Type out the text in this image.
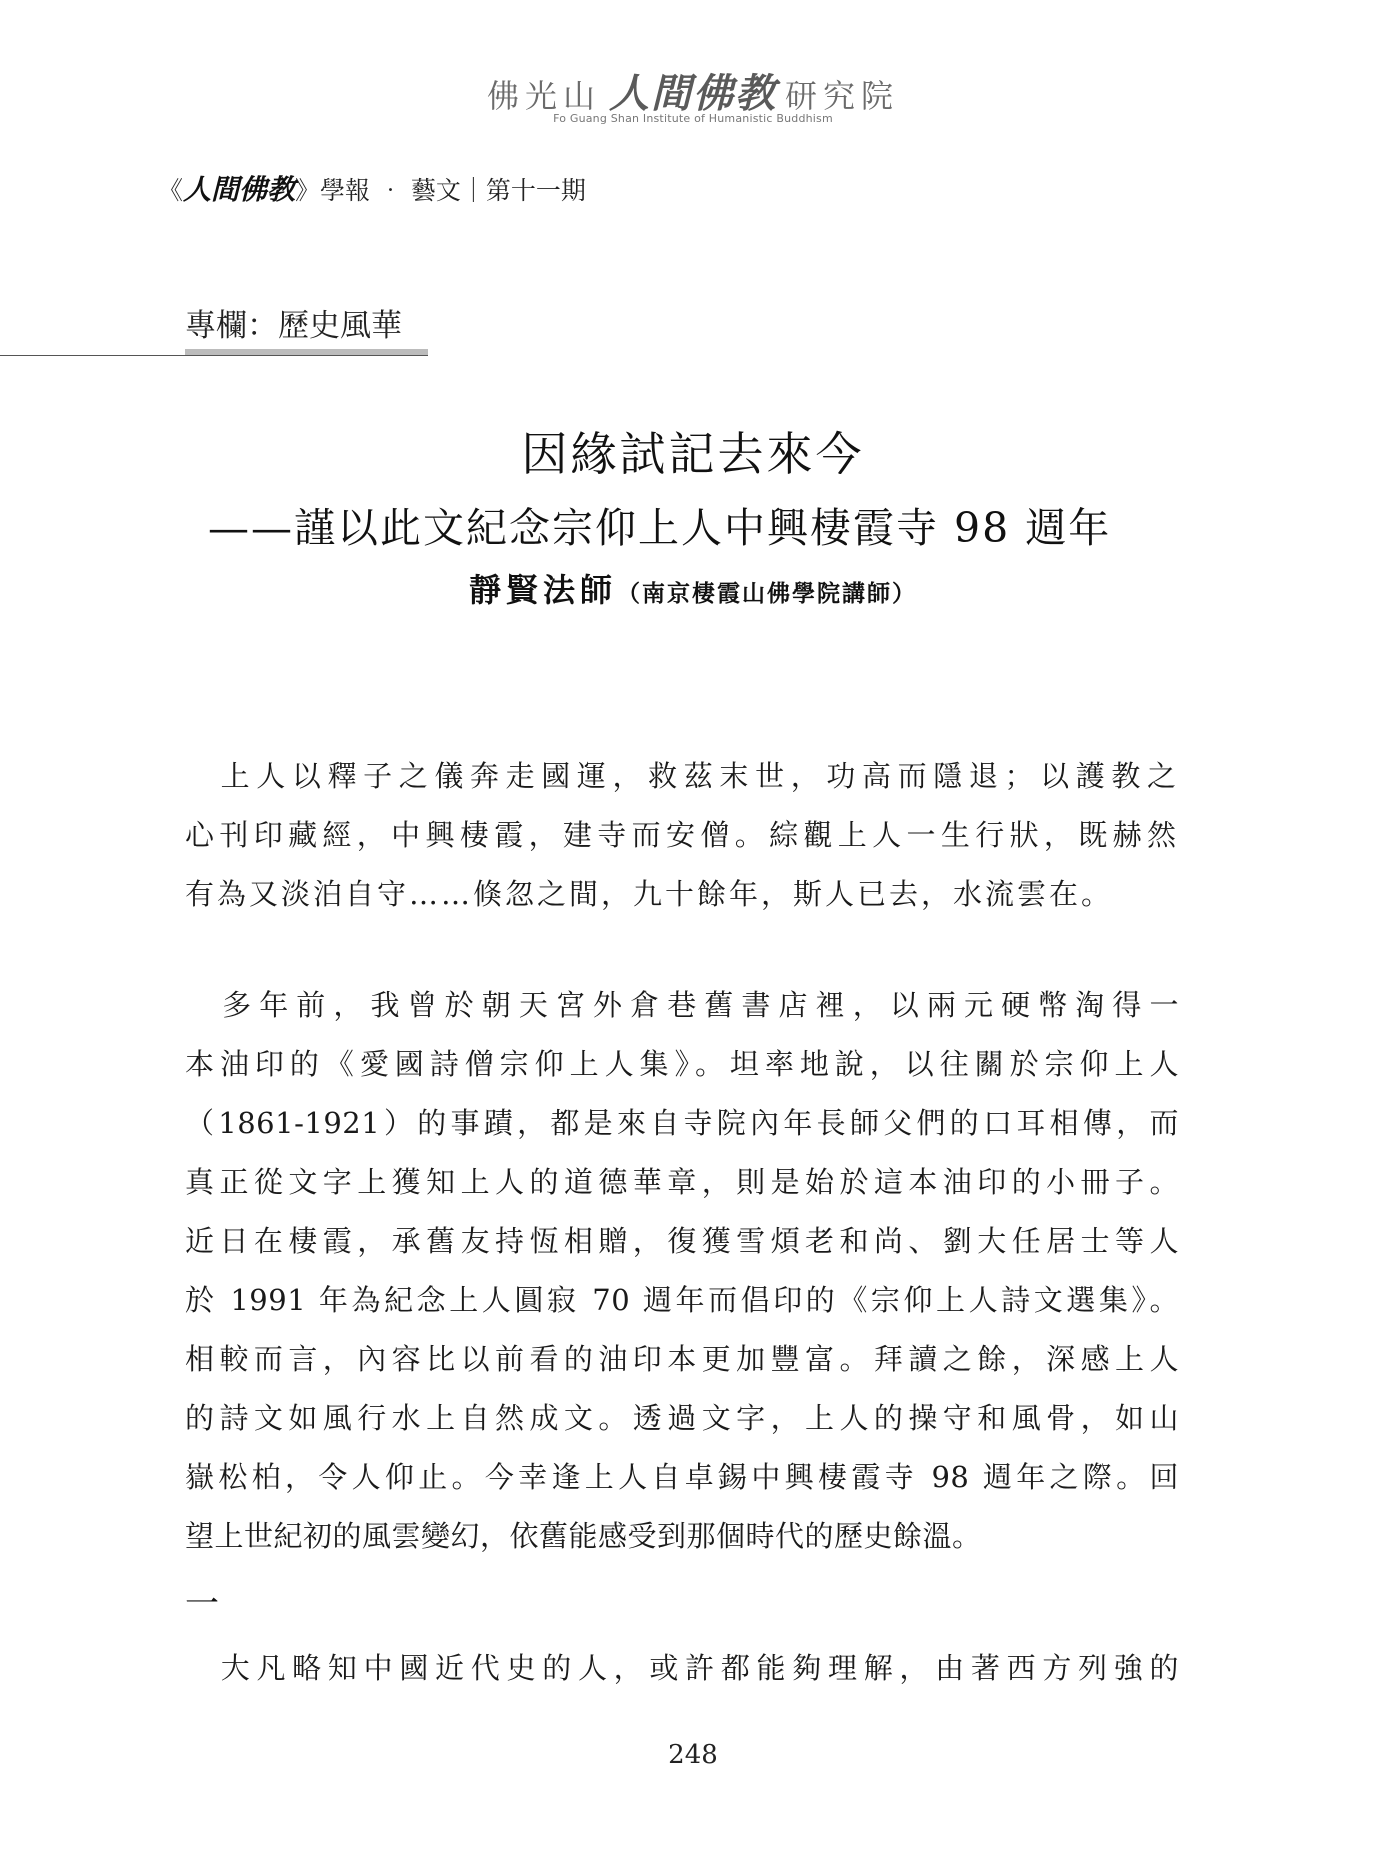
佛光山 人間佛教 研究院
Fo Guang Shan Institute of Humanistic Buddhism
《人間佛教》學報 ‧ 藝文｜第十一期
專欄：歷史風華
因緣試記去來今
——謹以此文紀念宗仰上人中興棲霞寺 98 週年
靜賢法師（南京棲霞山佛學院講師）
　上人以釋子之儀奔走國運，救茲末世，功高而隱退；以護教之
心刊印藏經，中興棲霞，建寺而安僧。綜觀上人一生行狀，既赫然
有為又淡泊自守……倏忽之間，九十餘年，斯人已去，水流雲在。
　多年前，我曾於朝天宮外倉巷舊書店裡，以兩元硬幣淘得一
本油印的《愛國詩僧宗仰上人集》。坦率地說，以往關於宗仰上人
（1861-1921）的事蹟，都是來自寺院內年長師父們的口耳相傳，而
真正從文字上獲知上人的道德華章，則是始於這本油印的小冊子。
近日在棲霞，承舊友持恆相贈，復獲雪煩老和尚、劉大任居士等人
於 1991 年為紀念上人圓寂 70 週年而倡印的《宗仰上人詩文選集》。
相較而言，內容比以前看的油印本更加豐富。拜讀之餘，深感上人
的詩文如風行水上自然成文。透過文字，上人的操守和風骨，如山
嶽松柏，令人仰止。今幸逢上人自卓錫中興棲霞寺 98 週年之際。回
望上世紀初的風雲變幻，依舊能感受到那個時代的歷史餘溫。
一
　大凡略知中國近代史的人，或許都能夠理解，由著西方列強的
248
